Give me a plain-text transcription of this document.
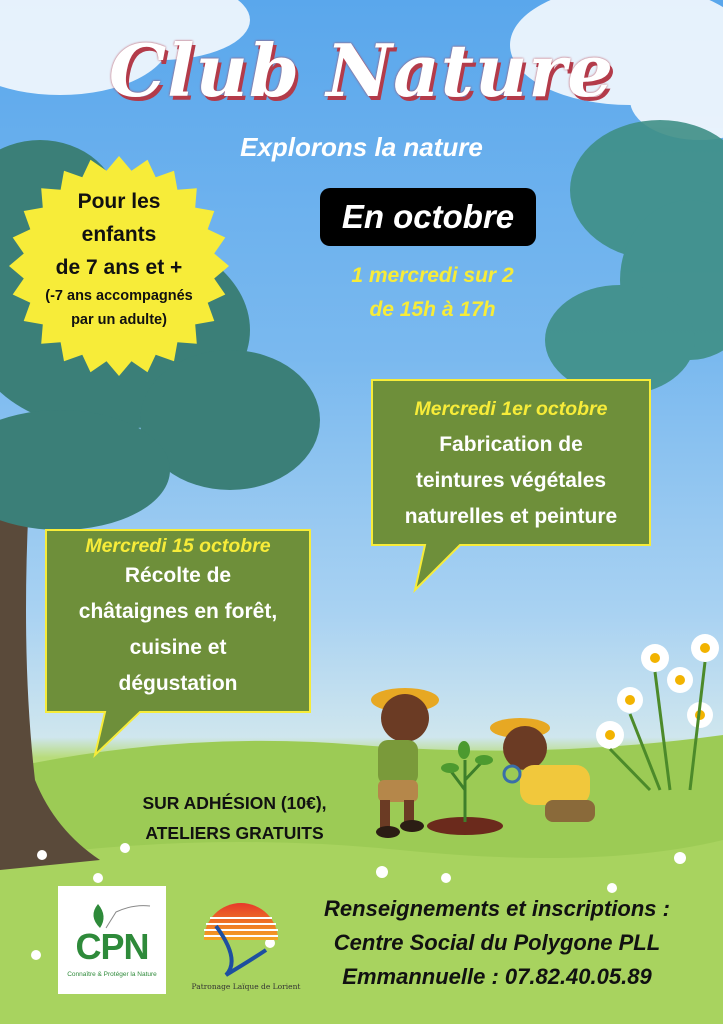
Club Nature
Explorons la nature
En octobre
1 mercredi sur 2
de 15h à 17h
Pour les
enfants
de 7 ans et +
(-7 ans accompagnés
par un adulte)
Mercredi 1er octobre
Fabrication de
teintures végétales
naturelles et peinture
Mercredi 15 octobre
Récolte de
châtaignes en forêt,
cuisine et
dégustation
SUR ADHÉSION (10€),
ATELIERS GRATUITS
Renseignements et inscriptions :
Centre Social du Polygone PLL
Emmannuelle : 07.82.40.05.89
CPN
Connaître & Protéger la Nature
Patronage Laïque de Lorient
